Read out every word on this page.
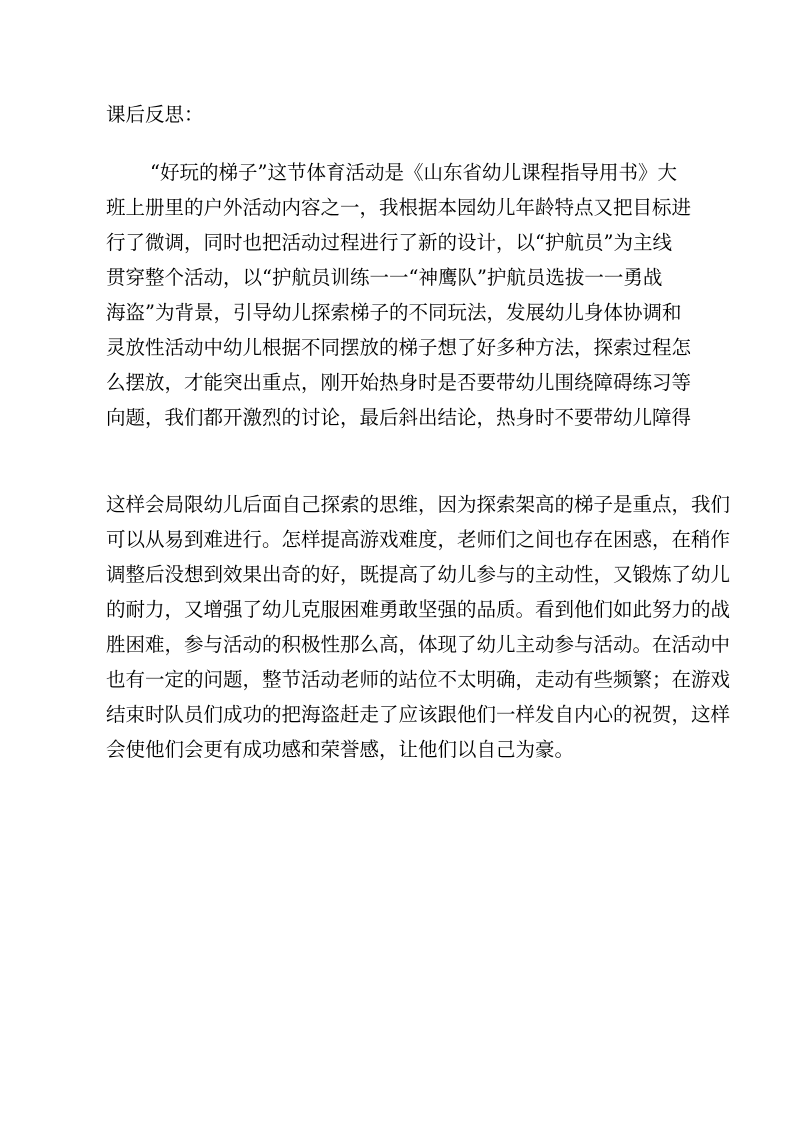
课后反思：
“好玩的梯子”这节体育活动是《山东省幼儿课程指导用书》大
班上册里的户外活动内容之一，我根据本园幼儿年龄特点又把目标进
行了微调，同时也把活动过程进行了新的设计，以“护航员”为主线
贯穿整个活动，以“护航员训练一一“神鹰队”护航员选拔一一勇战
海盗”为背景，引导幼儿探索梯子的不同玩法，发展幼儿身体协调和
灵放性活动中幼儿根据不同摆放的梯子想了好多种方法，探索过程怎
么摆放，才能突出重点，刚开始热身时是否要带幼儿围绕障碍练习等
向题，我们都开激烈的讨论，最后斜出结论，热身时不要带幼儿障得
这样会局限幼儿后面自己探索的思维，因为探索架高的梯子是重点，我们
可以从易到难进行。怎样提高游戏难度，老师们之间也存在困惑，在稍作
调整后没想到效果出奇的好，既提高了幼儿参与的主动性，又锻炼了幼儿
的耐力，又增强了幼儿克服困难勇敢坚强的品质。看到他们如此努力的战
胜困难，参与活动的积极性那么高，体现了幼儿主动参与活动。在活动中
也有一定的问题，整节活动老师的站位不太明确，走动有些频繁；在游戏
结束时队员们成功的把海盗赶走了应该跟他们一样发自内心的祝贺，这样
会使他们会更有成功感和荣誉感，让他们以自己为豪。
